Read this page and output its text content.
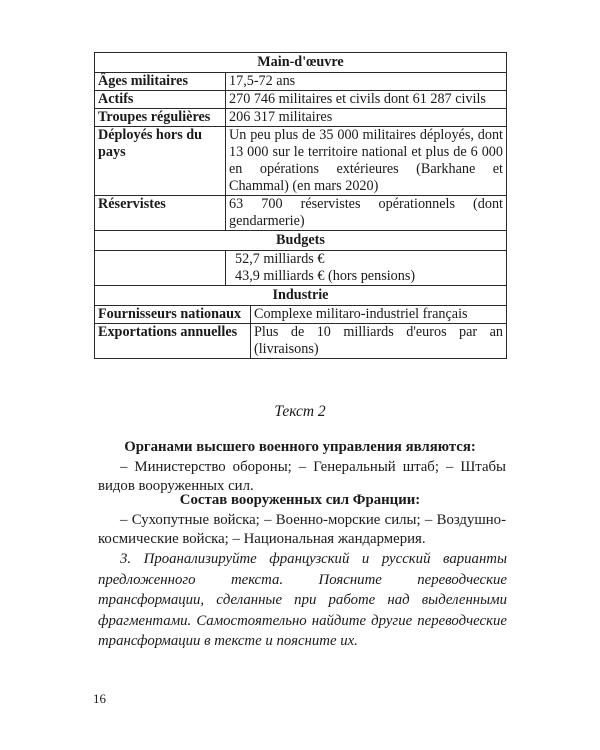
Main-d'œuvre		
Âges militaires	17,5-72 ans	
Actifs	270 746 militaires et civils dont 61 287 civils	
Troupes régulières	206 317 militaires	
Déployés hors du pays	Un peu plus de 35 000 militaires déployés, dont 13 000 sur le territoire national et plus de 6 000 en opérations extérieures (Barkhane et Chammal) (en mars 2020)	
Réservistes	63 700 réservistes opérationnels (dont gendarmerie)	
Budgets		

	52,7 milliards €
43,9 milliards € (hors pensions)	

Industrie		
Fournisseurs nationaux		Complexe militaro-industriel français
Exportations annuelles		Plus de 10 milliards d'euros par an (livraisons)
Текст 2
Органами высшего военного управления являются:
– Министерство обороны; – Генеральный штаб; – Штабы видов вооруженных сил.
Состав вооруженных сил Франции:
– Сухопутные войска; – Военно-морские силы; – Воздушно-космические войска; – Национальная жандармерия.
3. Проанализируйте французский и русский варианты предложенного текста. Поясните переводческие трансформации, сделанные при работе над выделенными фрагментами. Самостоятельно найдите другие переводческие трансформации в тексте и поясните их.
16
